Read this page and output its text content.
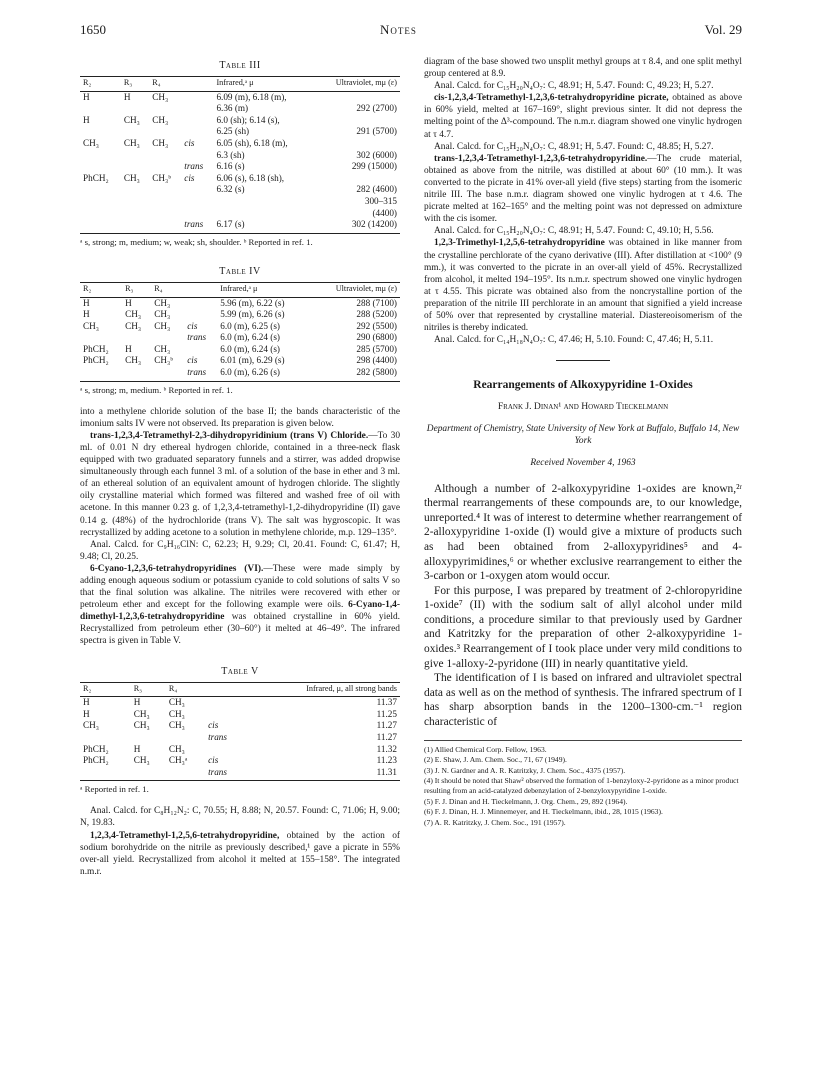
1650	Notes	Vol. 29
Table III
R₂	R₃	R₄		Infrared,ᵃ μ	Ultraviolet, mμ (ε)
H	H	CH₃		6.09 (m), 6.18 (m),	
				6.36 (m)	292 (2700)
H	CH₃	CH₃		6.0 (sh); 6.14 (s),	
				6.25 (sh)	291 (5700)
CH₃	CH₃	CH₃	cis	6.05 (sh), 6.18 (m),	
				6.3 (sh)	302 (6000)
			trans	6.16 (s)	299 (15000)
PhCH₂	CH₃	CH₃ᵇ	cis	6.06 (s), 6.18 (sh),	
				6.32 (s)	282 (4600)
					300–315
					(4400)
			trans	6.17 (s)	302 (14200)
ᵃ s, strong; m, medium; w, weak; sh, shoulder. ᵇ Reported in ref. 1.
Table IV
R₂	R₃	R₄		Infrared,ᵃ μ	Ultraviolet, mμ (ε)
H	H	CH₃		5.96 (m), 6.22 (s)	288 (7100)
H	CH₃	CH₃		5.99 (m), 6.26 (s)	288 (5200)
CH₃	CH₃	CH₃	cis	6.0 (m), 6.25 (s)	292 (5500)
			trans	6.0 (m), 6.24 (s)	290 (6800)
PhCH₂	H	CH₃		6.0 (m), 6.24 (s)	285 (5700)
PhCH₂	CH₃	CH₃ᵇ	cis	6.01 (m), 6.29 (s)	298 (4400)
			trans	6.0 (m), 6.26 (s)	282 (5800)
ᵃ s, strong; m, medium. ᵇ Reported in ref. 1.

into a methylene chloride solution of the base II; the bands characteristic of the imonium salts IV were not observed. Its preparation is given below.

trans-1,2,3,4-Tetramethyl-2,3-dihydropyridinium (trans V) Chloride.—To 30 ml. of 0.01 N dry ethereal hydrogen chloride, contained in a three-neck flask equipped with two graduated separatory funnels and a stirrer, was added dropwise simultaneously through each funnel 3 ml. of a solution of the base in ether and 3 ml. of an ethereal solution of an equivalent amount of hydrogen chloride. The slightly oily crystalline material which formed was filtered and washed free of oil with acetone. In this manner 0.23 g. of 1,2,3,4-tetramethyl-1,2-dihydropyridine (II) gave 0.14 g. (48%) of the hydrochloride (trans V). The salt was hygroscopic. It was recrystallized by adding acetone to a solution in methylene chloride, m.p. 129–135°.

Anal. Calcd. for C₉H₁₆ClN: C, 62.23; H, 9.29; Cl, 20.41. Found: C, 61.47; H, 9.48; Cl, 20.25.

6-Cyano-1,2,3,6-tetrahydropyridines (VI).—These were made simply by adding enough aqueous sodium or potassium cyanide to cold solutions of salts V so that the final solution was alkaline. The nitriles were recovered with ether or petroleum ether and except for the following example were oils. 6-Cyano-1,4-dimethyl-1,2,3,6-tetrahydropyridine was obtained crystalline in 60% yield. Recrystallized from petroleum ether (30–60°) it melted at 46–49°. The infrared spectra is given in Table V.

Table V
R₂	R₃	R₄		Infrared, μ, all strong bands
H	H	CH₃		11.37
H	CH₃	CH₃		11.25
CH₃	CH₃	CH₃	cis	11.27
			trans	11.27
PhCH₂	H	CH₃		11.32
PhCH₂	CH₃	CH₃ᵃ	cis	11.23
			trans	11.31
ᵃ Reported in ref. 1.

Anal. Calcd. for C₈H₁₂N₂: C, 70.55; H, 8.88; N, 20.57. Found: C, 71.06; H, 9.00; N, 19.83.

1,2,3,4-Tetramethyl-1,2,5,6-tetrahydropyridine, obtained by the action of sodium borohydride on the nitrile as previously described,¹ gave a picrate in 55% over-all yield. Recrystallized from alcohol it melted at 155–158°. The integrated n.m.r.

diagram of the base showed two unsplit methyl groups at τ 8.4, and one split methyl group centered at 8.9.

Anal. Calcd. for C₁₅H₂₀N₄O₇: C, 48.91; H, 5.47. Found: C, 49.23; H, 5.27.

cis-1,2,3,4-Tetramethyl-1,2,3,6-tetrahydropyridine picrate, obtained as above in 60% yield, melted at 167–169°, slight previous sinter. It did not depress the melting point of the Δ³-compound. The n.m.r. diagram showed one vinylic hydrogen at τ 4.7.

Anal. Calcd. for C₁₅H₂₀N₄O₇: C, 48.91; H, 5.47. Found: C, 48.85; H, 5.27.

trans-1,2,3,4-Tetramethyl-1,2,3,6-tetrahydropyridine.—The crude material, obtained as above from the nitrile, was distilled at about 60° (10 mm.). It was converted to the picrate in 41% over-all yield (five steps) starting from the isomeric nitrile III. The base n.m.r. diagram showed one vinylic hydrogen at τ 4.6. The picrate melted at 162–165° and the melting point was not depressed on admixture with the cis isomer.

Anal. Calcd. for C₁₅H₂₀N₄O₇: C, 48.91; H, 5.47. Found: C, 49.10; H, 5.56.

1,2,3-Trimethyl-1,2,5,6-tetrahydropyridine was obtained in like manner from the crystalline perchlorate of the cyano derivative (III). After distillation at <100° (9 mm.), it was converted to the picrate in an over-all yield of 45%. Recrystallized from alcohol, it melted 194–195°. Its n.m.r. spectrum showed one vinylic hydrogen at τ 4.55. This picrate was obtained also from the noncrystalline portion of the preparation of the nitrile III perchlorate in an amount that signified a yield increase of 50% over that represented by crystalline material. Diastereoisomerism of the nitriles is thereby indicated.

Anal. Calcd. for C₁₄H₁₈N₄O₇: C, 47.46; H, 5.10. Found: C, 47.46; H, 5.11.

Rearrangements of Alkoxypyridine 1-Oxides
Frank J. Dinan¹ and Howard Tieckelmann
Department of Chemistry, State University of New York at Buffalo, Buffalo 14, New York
Received November 4, 1963

Although a number of 2-alkoxypyridine 1-oxides are known,²ʳ thermal rearrangements of these compounds are, to our knowledge, unreported.⁴ It was of interest to determine whether rearrangement of 2-alloxypyridine 1-oxide (I) would give a mixture of products such as had been obtained from 2-alloxypyridines⁵ and 4-alloxypyrimidines,⁶ or whether exclusive rearrangement to either the 3-carbon or 1-oxygen atom would occur.

For this purpose, I was prepared by treatment of 2-chloropyridine 1-oxide⁷ (II) with the sodium salt of allyl alcohol under mild conditions, a procedure similar to that previously used by Gardner and Katritzky for the preparation of other 2-alkoxypyridine 1-oxides.³ Rearrangement of I took place under very mild conditions to give 1-alloxy-2-pyridone (III) in nearly quantitative yield.

The identification of I is based on infrared and ultraviolet spectral data as well as on the method of synthesis. The infrared spectrum of I has sharp absorption bands in the 1200–1300-cm.⁻¹ region characteristic of

(1) Allied Chemical Corp. Fellow, 1963.
(2) E. Shaw, J. Am. Chem. Soc., 71, 67 (1949).
(3) J. N. Gardner and A. R. Katritzky, J. Chem. Soc., 4375 (1957).
(4) It should be noted that Shaw² observed the formation of 1-benzyloxy-2-pyridone as a minor product resulting from an acid-catalyzed debenzylation of 2-benzyloxypyridine 1-oxide.
(5) F. J. Dinan and H. Tieckelmann, J. Org. Chem., 29, 892 (1964).
(6) F. J. Dinan, H. J. Minnemeyer, and H. Tieckelmann, ibid., 28, 1015 (1963).
(7) A. R. Katritzky, J. Chem. Soc., 191 (1957).
